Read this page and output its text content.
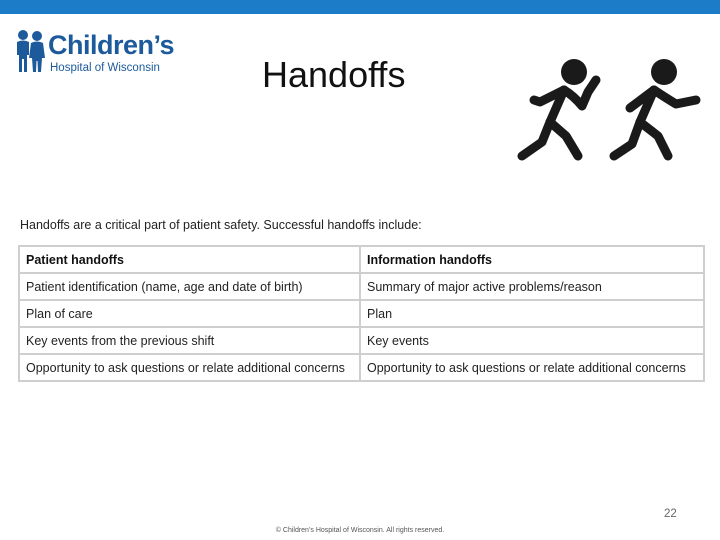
Children’s
Hospital of Wisconsin	Handoffs
Handoffs are a critical part of patient safety. Successful handoffs include:
Patient handoffs	Information handoffs
Patient identification (name, age and date of birth)	Summary of major active problems/reason
Plan of care	Plan
Key events from the previous shift	Key events
Opportunity to ask questions or relate additional concerns	Opportunity to ask questions or relate additional concerns
22
© Children’s Hospital of Wisconsin. All rights reserved.
